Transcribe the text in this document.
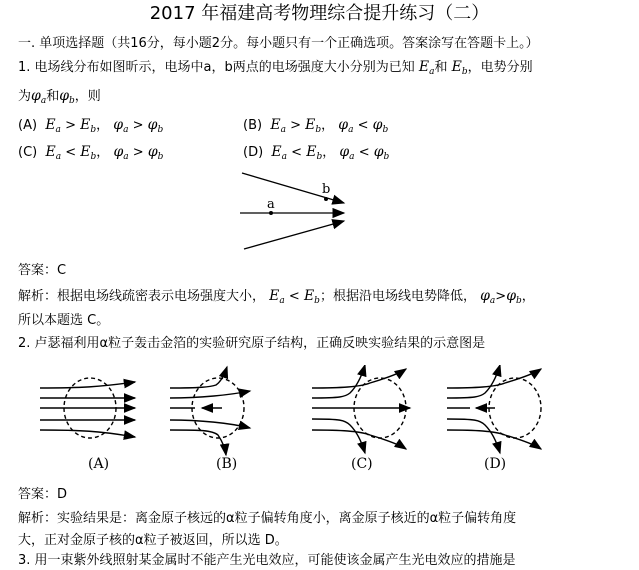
2017 年福建高考物理综合提升练习（二）
一. 单项选择题（共16分，每小题2分。每小题只有一个正确选项。答案涂写在答题卡上。）
1. 电场线分布如图昕示，电场中a，b两点的电场强度大小分别为已知 $E_a$和 $E_b$，电势分别
为$\varphi_a$和$\varphi_b$，则
(A) $E_a > E_b$， $\varphi_a > \varphi_b$	(B) $E_a > E_b$， $\varphi_a < \varphi_b$
(C) $E_a < E_b$， $\varphi_a > \varphi_b$	(D) $E_a < E_b$， $\varphi_a < \varphi_b$
a
b
答案：C
解析：根据电场线疏密表示电场强度大小， $E_a < E_b$；根据沿电场线电势降低， $\varphi_a>\varphi_b$，
所以本题选 C。
2. 卢瑟福利用α粒子轰击金箔的实验研究原子结构，正确反映实验结果的示意图是
(A)	(B)	(C)	(D)
答案：D
解析：实验结果是：离金原子核远的α粒子偏转角度小，离金原子核近的α粒子偏转角度
大，正对金原子核的α粒子被返回，所以选 D。
3. 用一束紫外线照射某金属时不能产生光电效应，可能使该金属产生光电效应的措施是
